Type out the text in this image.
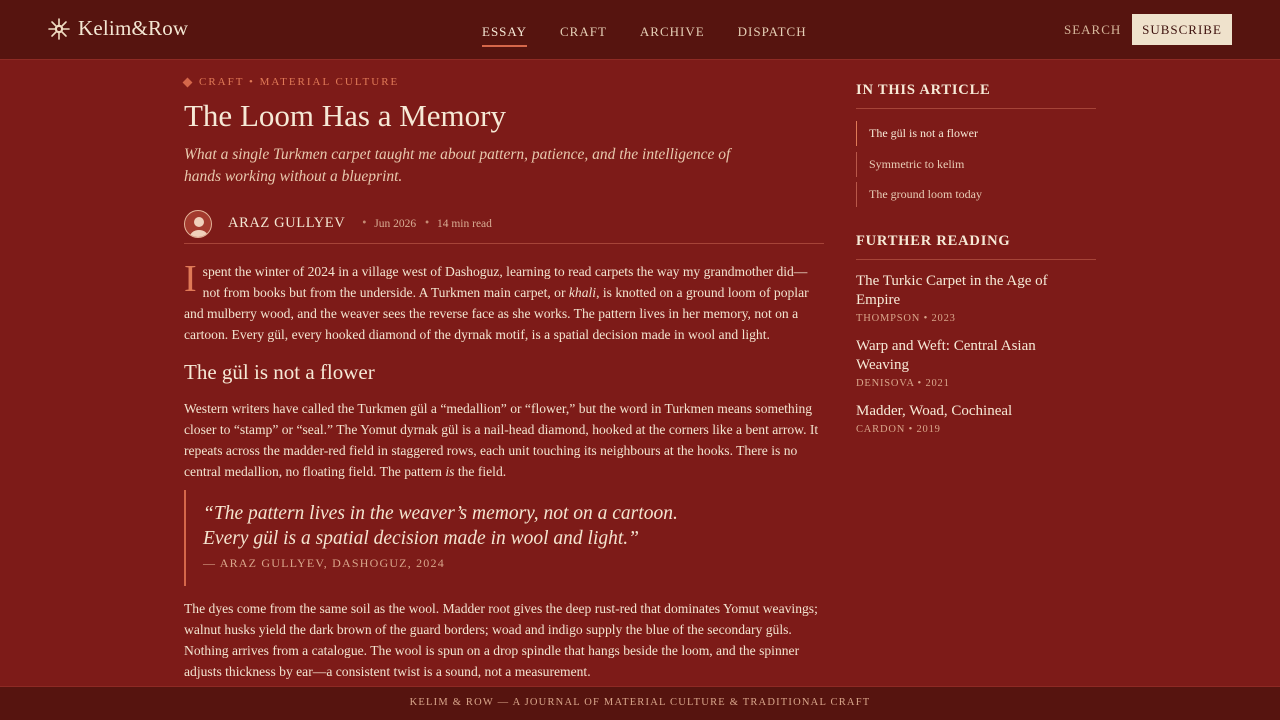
Kelim&Row	ESSAY	CRAFT	ARCHIVE	DISPATCH	SEARCH	SUBSCRIBE
CRAFT • MATERIAL CULTURE
The Loom Has a Memory

What a single Turkmen carpet taught me about pattern, patience, and the intelligence of hands working without a blueprint.

ARAZ GULLYEV • Jun 2026 • 14 min read

Ispent the winter of 2024 in a village west of Dashoguz, learning to read carpets the way my grandmother did—not from books but from the underside. A Turkmen main carpet, or khali, is knotted on a ground loom of poplar and mulberry wood, and the weaver sees the reverse face as she works. The pattern lives in her memory, not on a cartoon. Every gül, every hooked diamond of the dyrnak motif, is a spatial decision made in wool and light.

The gül is not a flower

Western writers have called the Turkmen gül a “medallion” or “flower,” but the word in Turkmen means something closer to “stamp” or “seal.” The Yomut dyrnak gül is a nail-head diamond, hooked at the corners like a bent arrow. It repeats across the madder-red field in staggered rows, each unit touching its neighbours at the hooks. There is no central medallion, no floating field. The pattern is the field.

“The pattern lives in the weaver’s memory, not on a cartoon.
Every gül is a spatial decision made in wool and light.”
— ARAZ GULLYEV, DASHOGUZ, 2024

The dyes come from the same soil as the wool. Madder root gives the deep rust-red that dominates Yomut weavings; walnut husks yield the dark brown of the guard borders; woad and indigo supply the blue of the secondary güls. Nothing arrives from a catalogue. The wool is spun on a drop spindle that hangs beside the loom, and the spinner adjusts thickness by ear—a consistent twist is a sound, not a measurement.

IN THIS ARTICLE
The gül is not a flower
Symmetric to kelim
The ground loom today
FURTHER READING
The Turkic Carpet in the Age of Empire
THOMPSON • 2023
Warp and Weft: Central Asian Weaving
DENISOVA • 2021
Madder, Woad, Cochineal
CARDON • 2019
KELIM & ROW — A JOURNAL OF MATERIAL CULTURE & TRADITIONAL CRAFT
